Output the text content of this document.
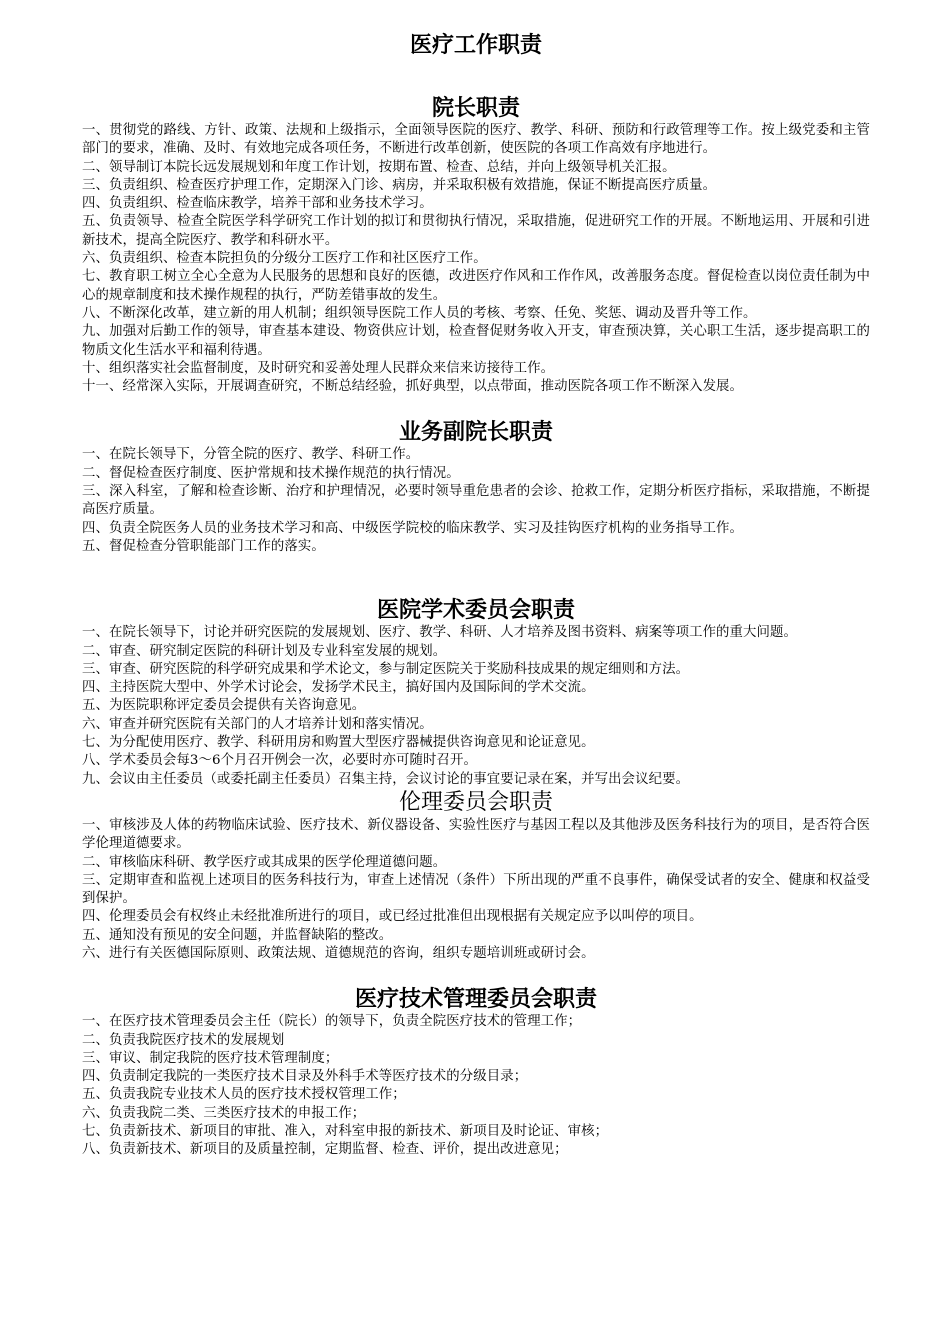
医疗工作职责
院长职责
一、贯彻党的路线、方针、政策、法规和上级指示，全面领导医院的医疗、教学、科研、预防和行政管理等工作。按上级党委和主管部门的要求，准确、及时、有效地完成各项任务，不断进行改革创新，使医院的各项工作高效有序地进行。
二、领导制订本院长远发展规划和年度工作计划，按期布置、检查、总结，并向上级领导机关汇报。
三、负责组织、检查医疗护理工作，定期深入门诊、病房，并采取积极有效措施，保证不断提高医疗质量。
四、负责组织、检查临床教学，培养干部和业务技术学习。
五、负责领导、检查全院医学科学研究工作计划的拟订和贯彻执行情况，采取措施，促进研究工作的开展。不断地运用、开展和引进新技术，提高全院医疗、教学和科研水平。
六、负责组织、检查本院担负的分级分工医疗工作和社区医疗工作。
七、教育职工树立全心全意为人民服务的思想和良好的医德，改进医疗作风和工作作风，改善服务态度。督促检查以岗位责任制为中心的规章制度和技术操作规程的执行，严防差错事故的发生。
八、不断深化改革，建立新的用人机制；组织领导医院工作人员的考核、考察、任免、奖惩、调动及晋升等工作。
九、加强对后勤工作的领导，审查基本建设、物资供应计划，检查督促财务收入开支，审查预决算，关心职工生活，逐步提高职工的物质文化生活水平和福利待遇。
十、组织落实社会监督制度，及时研究和妥善处理人民群众来信来访接待工作。
十一、经常深入实际，开展调查研究，不断总结经验，抓好典型，以点带面，推动医院各项工作不断深入发展。
业务副院长职责
一、在院长领导下，分管全院的医疗、教学、科研工作。
二、督促检查医疗制度、医护常规和技术操作规范的执行情况。
三、深入科室，了解和检查诊断、治疗和护理情况，必要时领导重危患者的会诊、抢救工作，定期分析医疗指标，采取措施，不断提高医疗质量。
四、负责全院医务人员的业务技术学习和高、中级医学院校的临床教学、实习及挂钩医疗机构的业务指导工作。
五、督促检查分管职能部门工作的落实。
医院学术委员会职责
一、在院长领导下，讨论并研究医院的发展规划、医疗、教学、科研、人才培养及图书资料、病案等项工作的重大问题。
二、审查、研究制定医院的科研计划及专业科室发展的规划。
三、审查、研究医院的科学研究成果和学术论文，参与制定医院关于奖励科技成果的规定细则和方法。
四、主持医院大型中、外学术讨论会，发扬学术民主，搞好国内及国际间的学术交流。
五、为医院职称评定委员会提供有关咨询意见。
六、审查并研究医院有关部门的人才培养计划和落实情况。
七、为分配使用医疗、教学、科研用房和购置大型医疗器械提供咨询意见和论证意见。
八、学术委员会每3～6个月召开例会一次，必要时亦可随时召开。
九、会议由主任委员（或委托副主任委员）召集主持，会议讨论的事宜要记录在案，并写出会议纪要。
伦理委员会职责
一、审核涉及人体的药物临床试验、医疗技术、新仪器设备、实验性医疗与基因工程以及其他涉及医务科技行为的项目，是否符合医学伦理道德要求。
二、审核临床科研、教学医疗或其成果的医学伦理道德问题。
三、定期审查和监视上述项目的医务科技行为，审查上述情况（条件）下所出现的严重不良事件，确保受试者的安全、健康和权益受到保护。
四、伦理委员会有权终止未经批准所进行的项目，或已经过批准但出现根据有关规定应予以叫停的项目。
五、通知没有预见的安全问题，并监督缺陷的整改。
六、进行有关医德国际原则、政策法规、道德规范的咨询，组织专题培训班或研讨会。
医疗技术管理委员会职责
一、在医疗技术管理委员会主任（院长）的领导下，负责全院医疗技术的管理工作；
二、负责我院医疗技术的发展规划
三、审议、制定我院的医疗技术管理制度；
四、负责制定我院的一类医疗技术目录及外科手术等医疗技术的分级目录；
五、负责我院专业技术人员的医疗技术授权管理工作；
六、负责我院二类、三类医疗技术的申报工作；
七、负责新技术、新项目的审批、准入，对科室申报的新技术、新项目及时论证、审核；
八、负责新技术、新项目的及质量控制，定期监督、检查、评价，提出改进意见；
